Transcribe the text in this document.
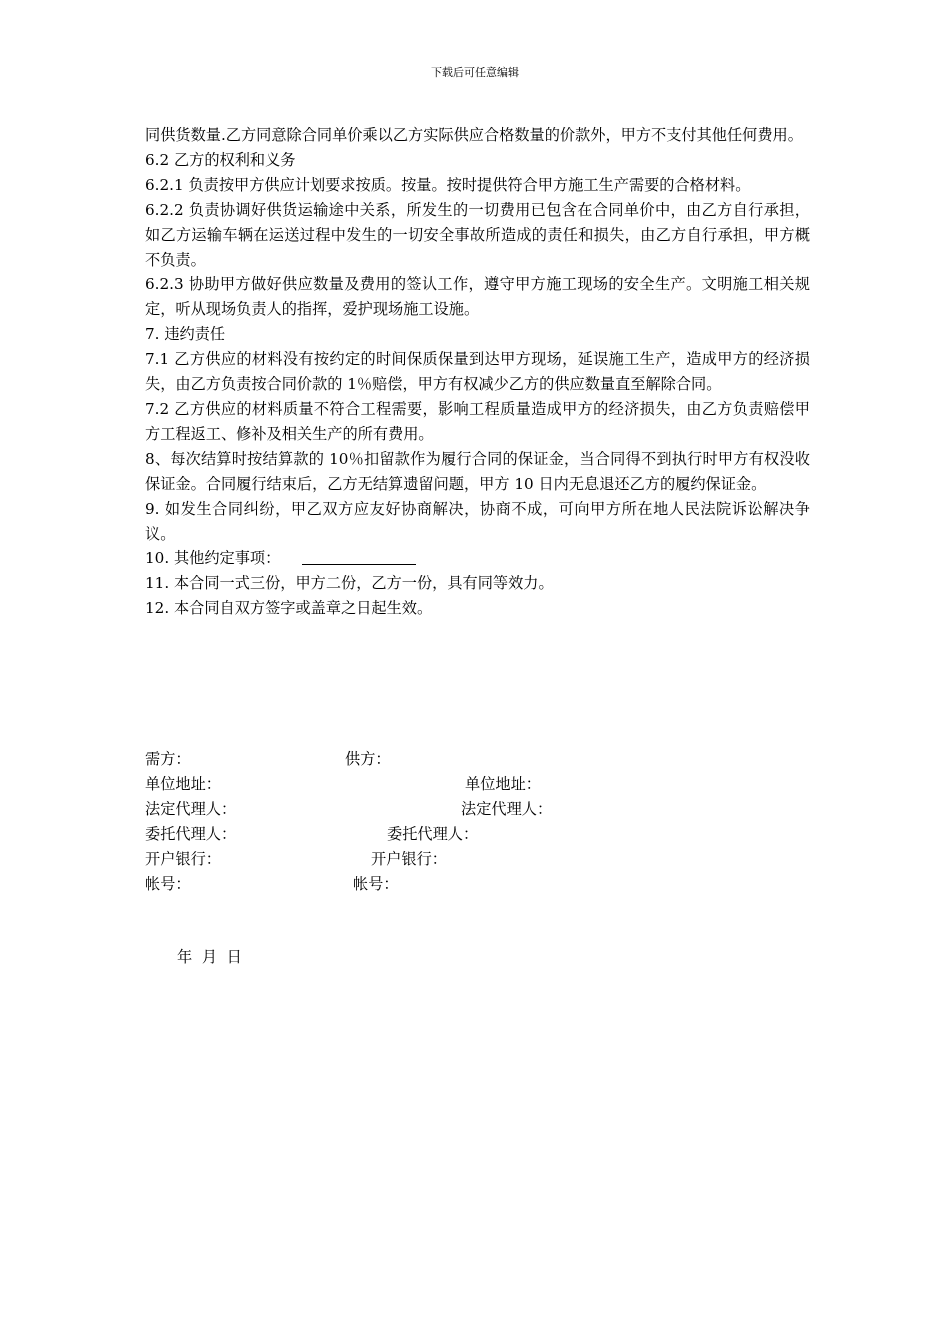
下载后可任意编辑

同供货数量.乙方同意除合同单价乘以乙方实际供应合格数量的价款外，甲方不支付其他任何费用。

6.2 乙方的权利和义务

6.2.1 负责按甲方供应计划要求按质。按量。按时提供符合甲方施工生产需要的合格材料。

6.2.2 负责协调好供货运输途中关系，所发生的一切费用已包含在合同单价中，由乙方自行承担，如乙方运输车辆在运送过程中发生的一切安全事故所造成的责任和损失，由乙方自行承担，甲方概不负责。

6.2.3 协助甲方做好供应数量及费用的签认工作，遵守甲方施工现场的安全生产。文明施工相关规定，听从现场负责人的指挥，爱护现场施工设施。

7. 违约责任

7.1 乙方供应的材料没有按约定的时间保质保量到达甲方现场，延误施工生产，造成甲方的经济损失，由乙方负责按合同价款的 1％赔偿，甲方有权减少乙方的供应数量直至解除合同。

7.2 乙方供应的材料质量不符合工程需要，影响工程质量造成甲方的经济损失，由乙方负责赔偿甲方工程返工、修补及相关生产的所有费用。

8、每次结算时按结算款的 10％扣留款作为履行合同的保证金，当合同得不到执行时甲方有权没收保证金。合同履行结束后，乙方无结算遗留问题，甲方 10 日内无息退还乙方的履约保证金。

9. 如发生合同纠纷，甲乙双方应友好协商解决，协商不成，可向甲方所在地人民法院诉讼解决争议。

10. 其他约定事项：

11. 本合同一式三份，甲方二份，乙方一份，具有同等效力。

12. 本合同自双方签字或盖章之日起生效。

需方：	供方：
单位地址：	单位地址：
法定代理人：	法定代理人：
委托代理人：	委托代理人：
开户银行：	开户银行：
帐号：	帐号：
年  月  日
